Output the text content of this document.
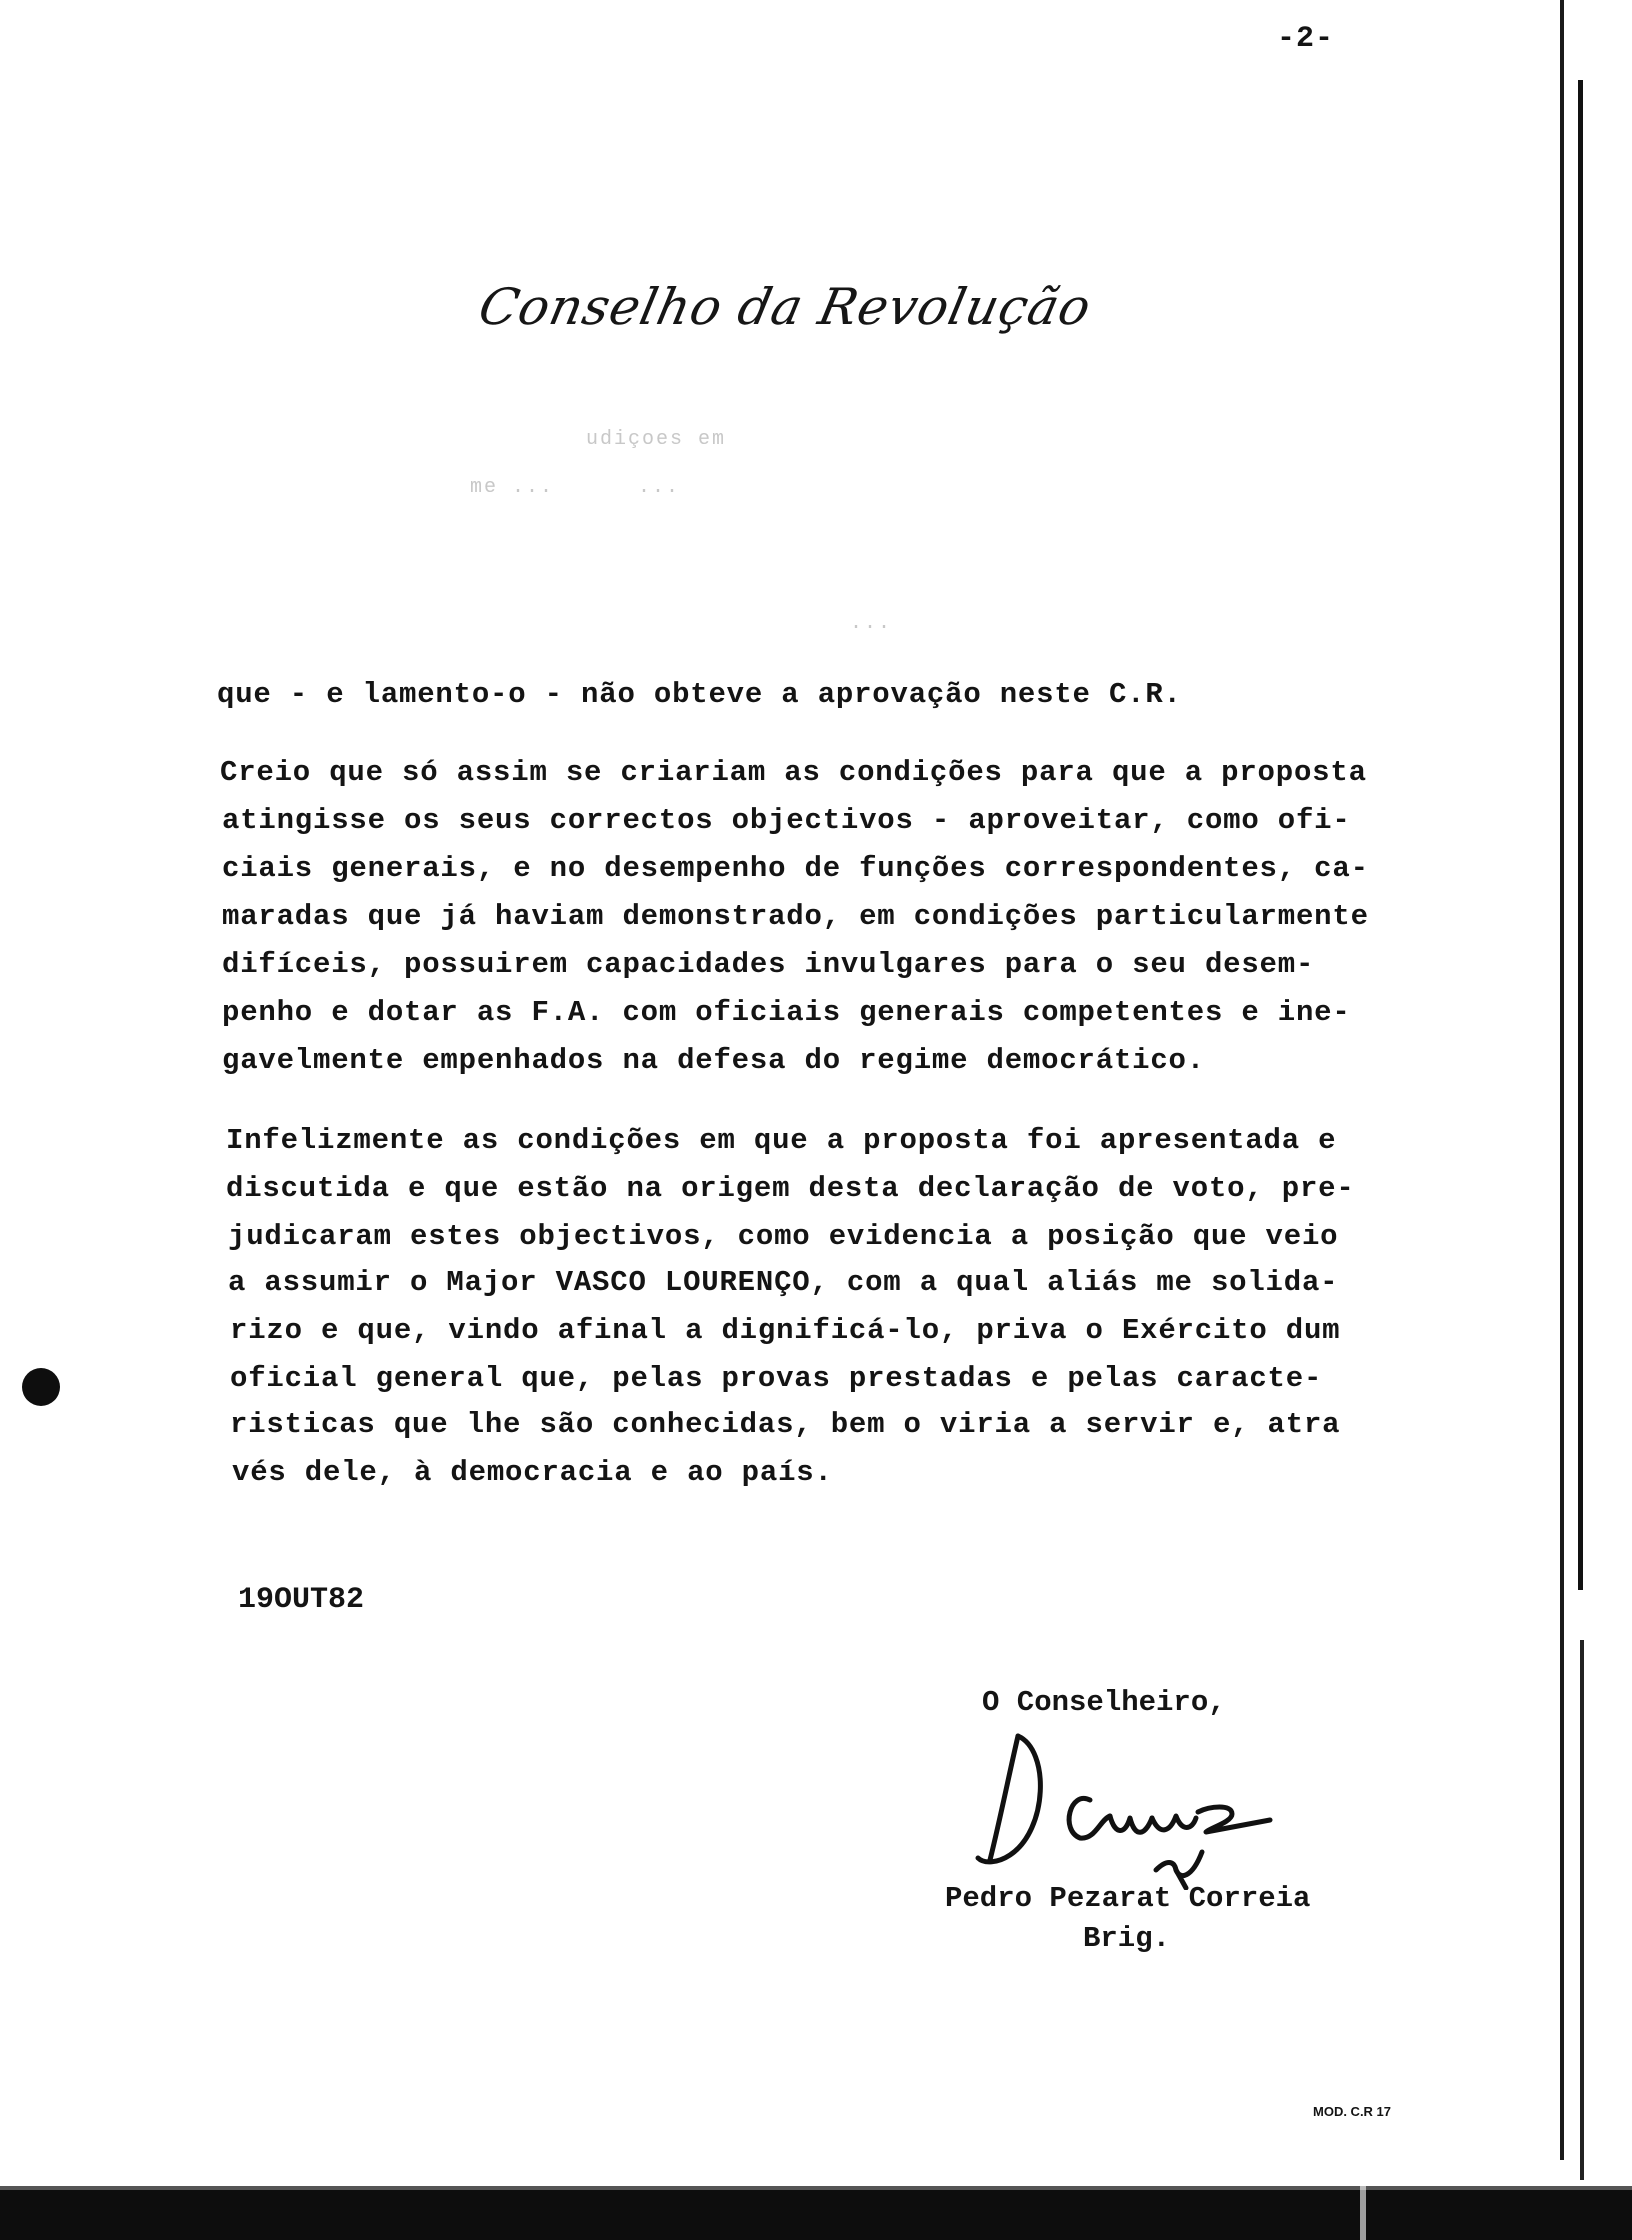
-2-
Conselho da Revolução
udiçoes em
me ...      ...
...
que - e lamento-o - não obteve a aprovação neste C.R.
Creio que só assim se criariam as condições para que a proposta
atingisse os seus correctos objectivos - aproveitar, como ofi-
ciais generais, e no desempenho de funções correspondentes, ca-
maradas que já haviam demonstrado, em condições particularmente
difíceis, possuirem capacidades invulgares para o seu desem-
penho e dotar as F.A. com oficiais generais competentes e ine-
gavelmente empenhados na defesa do regime democrático.
Infelizmente as condições em que a proposta foi apresentada e
discutida e que estão na origem desta declaração de voto, pre-
judicaram estes objectivos, como evidencia a posição que veio
a assumir o Major VASCO LOURENÇO, com a qual aliás me solida-
rizo e que, vindo afinal a dignificá-lo, priva o Exército dum
oficial general que, pelas provas prestadas e pelas caracte-
risticas que lhe são conhecidas, bem o viria a servir e, atra
vés dele, à democracia e ao país.
19OUT82
O Conselheiro,
Pedro Pezarat Correia
Brig.
MOD. C.R 17
